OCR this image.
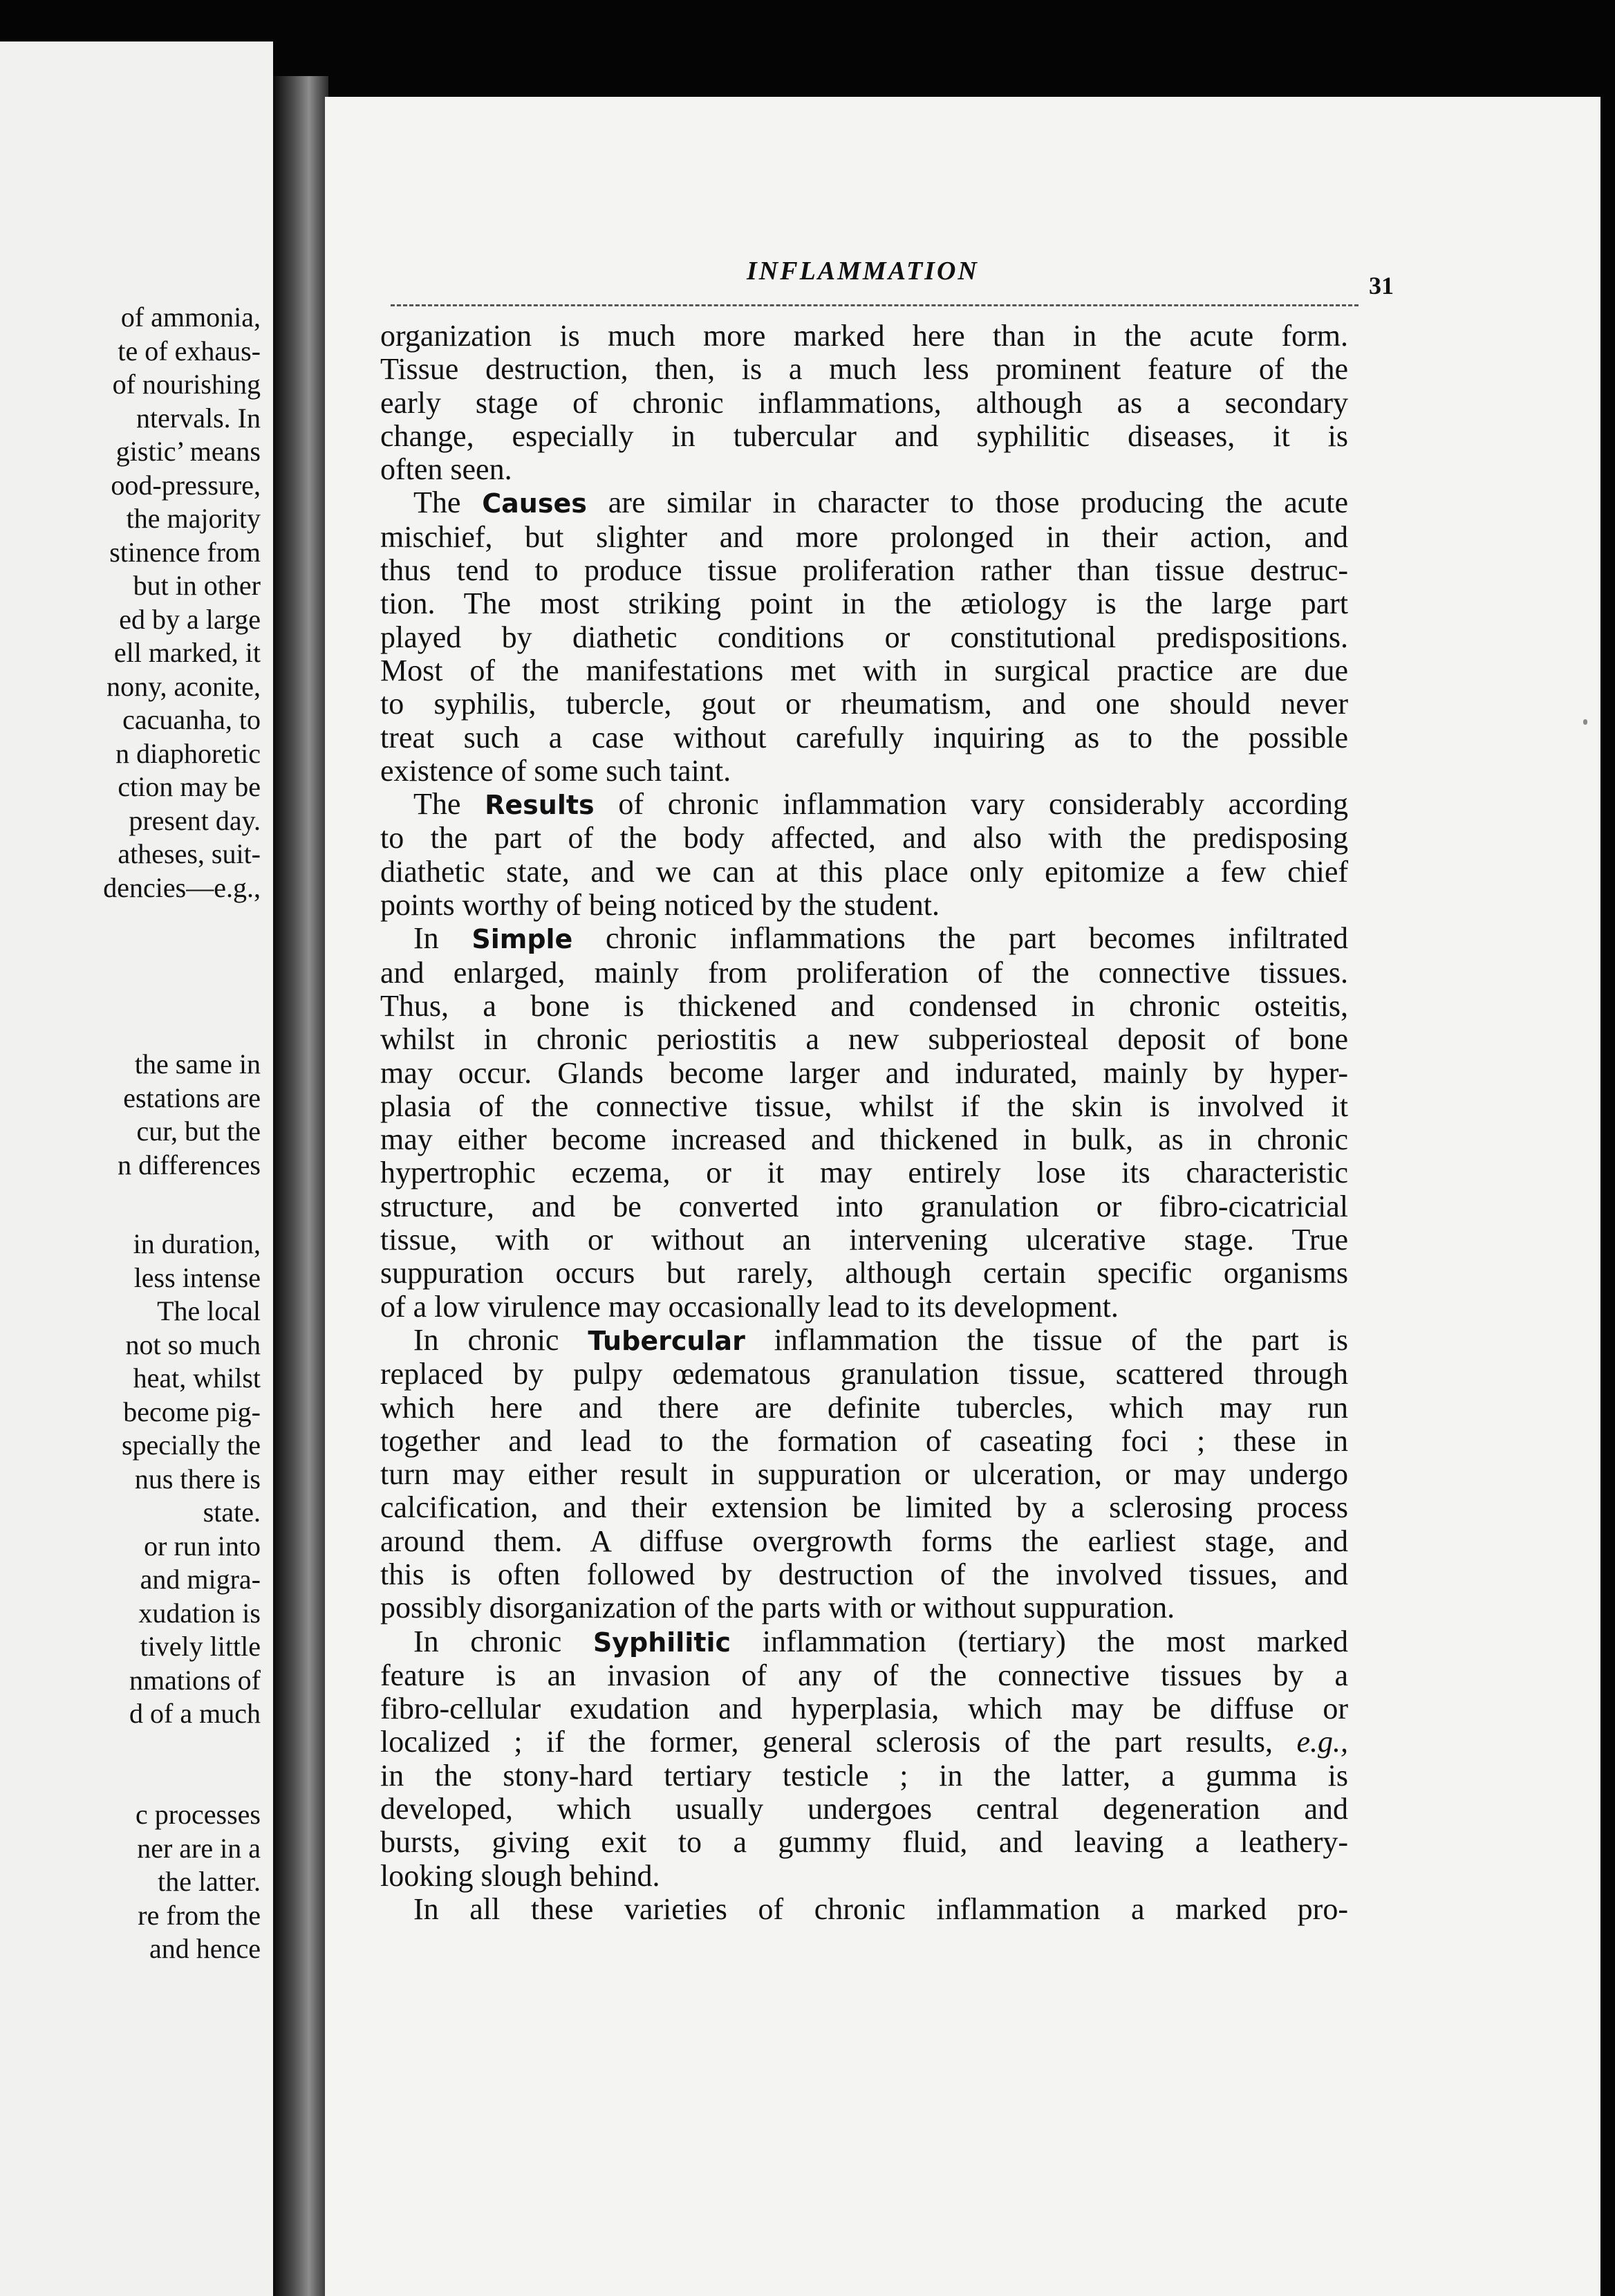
of ammonia,
te of exhaus-
of nourishing
ntervals. In
gistic’ means
ood-pressure,
the majority
stinence from
but in other
ed by a large
ell marked, it
nony, aconite,
cacuanha, to
n diaphoretic
ction may be
present day.
atheses, suit-
dencies—e.g.,
the same in
estations are
cur, but the
n differences
in duration,
less intense
The local
not so much
heat, whilst
become pig-
specially the
nus there is
state.
or run into
and migra-
xudation is
tively little
nmations of
d of a much
c processes
ner are in a
the latter.
re from the
and hence
INFLAMMATION	31
organization is much more marked here than in the acute form.
Tissue destruction, then, is a much less prominent feature of the
early stage of chronic inflammations, although as a secondary
change, especially in tubercular and syphilitic diseases, it is
often seen.
The Causes are similar in character to those producing the acute
mischief, but slighter and more prolonged in their action, and
thus tend to produce tissue proliferation rather than tissue destruc-
tion. The most striking point in the ætiology is the large part
played by diathetic conditions or constitutional predispositions.
Most of the manifestations met with in surgical practice are due
to syphilis, tubercle, gout or rheumatism, and one should never
treat such a case without carefully inquiring as to the possible
existence of some such taint.
The Results of chronic inflammation vary considerably according
to the part of the body affected, and also with the predisposing
diathetic state, and we can at this place only epitomize a few chief
points worthy of being noticed by the student.
In Simple chronic inflammations the part becomes infiltrated
and enlarged, mainly from proliferation of the connective tissues.
Thus, a bone is thickened and condensed in chronic osteitis,
whilst in chronic periostitis a new subperiosteal deposit of bone
may occur. Glands become larger and indurated, mainly by hyper-
plasia of the connective tissue, whilst if the skin is involved it
may either become increased and thickened in bulk, as in chronic
hypertrophic eczema, or it may entirely lose its characteristic
structure, and be converted into granulation or fibro-cicatricial
tissue, with or without an intervening ulcerative stage. True
suppuration occurs but rarely, although certain specific organisms
of a low virulence may occasionally lead to its development.
In chronic Tubercular inflammation the tissue of the part is
replaced by pulpy œdematous granulation tissue, scattered through
which here and there are definite tubercles, which may run
together and lead to the formation of caseating foci ; these in
turn may either result in suppuration or ulceration, or may undergo
calcification, and their extension be limited by a sclerosing process
around them. A diffuse overgrowth forms the earliest stage, and
this is often followed by destruction of the involved tissues, and
possibly disorganization of the parts with or without suppuration.
In chronic Syphilitic inflammation (tertiary) the most marked
feature is an invasion of any of the connective tissues by a
fibro-cellular exudation and hyperplasia, which may be diffuse or
localized ; if the former, general sclerosis of the part results, e.g.,
in the stony-hard tertiary testicle ; in the latter, a gumma is
developed, which usually undergoes central degeneration and
bursts, giving exit to a gummy fluid, and leaving a leathery-
looking slough behind.
In all these varieties of chronic inflammation a marked pro-
